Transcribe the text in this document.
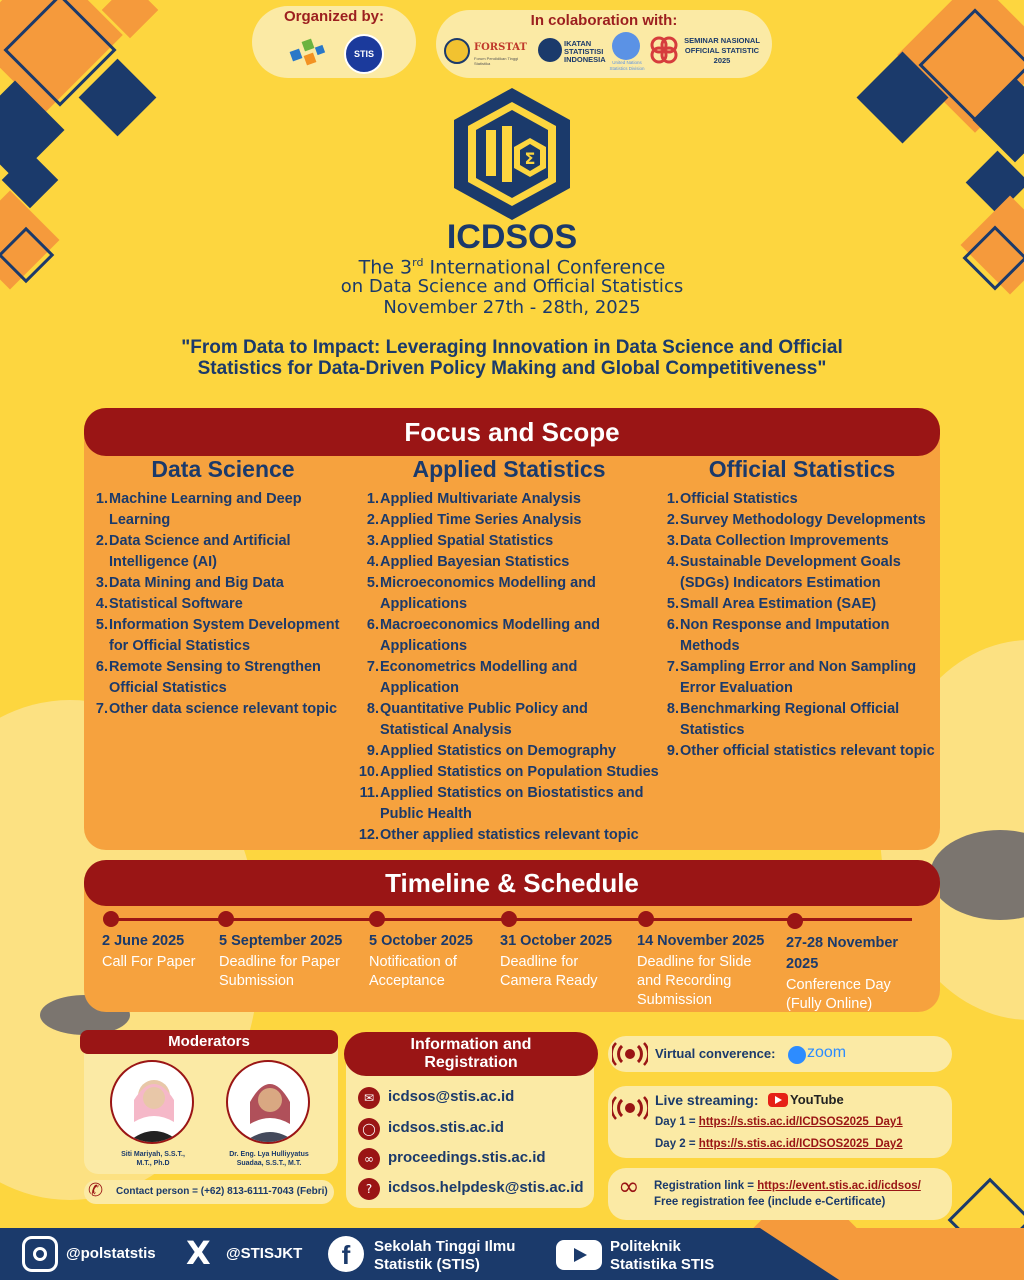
Organized by:
STIS
In colaboration with:
FORSTAT
Forum Pendidikan Tinggi Statistika
IKATAN STATISTISI INDONESIA	United Nations Statistics Division
SEMINAR NASIONAL OFFICIAL STATISTIC 2025
Σ
ICDSOS
The 3rd International Conference
on Data Science and Official Statistics
November 27th - 28th, 2025
"From Data to Impact: Leveraging Innovation in Data Science and Official
Statistics for Data-Driven Policy Making and Global Competitiveness"
Focus and Scope
Data Science
1. Machine Learning and Deep
Learning
2. Data Science and Artificial
Intelligence (AI)
3. Data Mining and Big Data
4. Statistical Software
5. Information System Development
for Official Statistics
6. Remote Sensing to Strengthen
Official Statistics
7. Other data science relevant topic
Applied Statistics
1. Applied Multivariate Analysis
2. Applied Time Series Analysis
3. Applied Spatial Statistics
4. Applied Bayesian Statistics
5. Microeconomics Modelling and
Applications
6. Macroeconomics Modelling and
Applications
7. Econometrics Modelling and
Application
8. Quantitative Public Policy and
Statistical Analysis
9. Applied Statistics on Demography
10. Applied Statistics on Population Studies
11. Applied Statistics on Biostatistics and
Public Health
12. Other applied statistics relevant topic
Official Statistics
1. Official Statistics
2. Survey Methodology Developments
3. Data Collection Improvements
4. Sustainable Development Goals
(SDGs) Indicators Estimation
5. Small Area Estimation (SAE)
6. Non Response and Imputation
Methods
7. Sampling Error and Non Sampling
Error Evaluation
8. Benchmarking Regional Official
Statistics
9. Other official statistics relevant topic
Timeline & Schedule
2 June 2025
Call For Paper
5 September 2025
Deadline for Paper
Submission
5 October 2025
Notification of
Acceptance
31 October 2025
Deadline for
Camera Ready
14 November 2025
Deadline for Slide
and Recording
Submission
27-28 November
2025
Conference Day
(Fully Online)
Moderators
Siti Mariyah, S.S.T.,
M.T., Ph.D
Dr. Eng. Lya Hulliyyatus
Suadaa, S.S.T., M.T.
✆ Contact person = (+62) 813-6111-7043 (Febri)
Information and
Registration
✉ icdsos@stis.ac.id
◯ icdsos.stis.ac.id
∞ proceedings.stis.ac.id
?	icdsos.helpdesk@stis.ac.id
Virtual converence: zoom
Live streaming: YouTube
Day 1 = https://s.stis.ac.id/ICDSOS2025_Day1
Day 2 = https://s.stis.ac.id/ICDSOS2025_Day2
∞ Registration link = https://event.stis.ac.id/icdsos/
Free registration fee (include e-Certificate)
@polstatstis X @STISJKT	f	Sekolah Tinggi Ilmu
Statistik (STIS)
Politeknik
Statistika STIS
